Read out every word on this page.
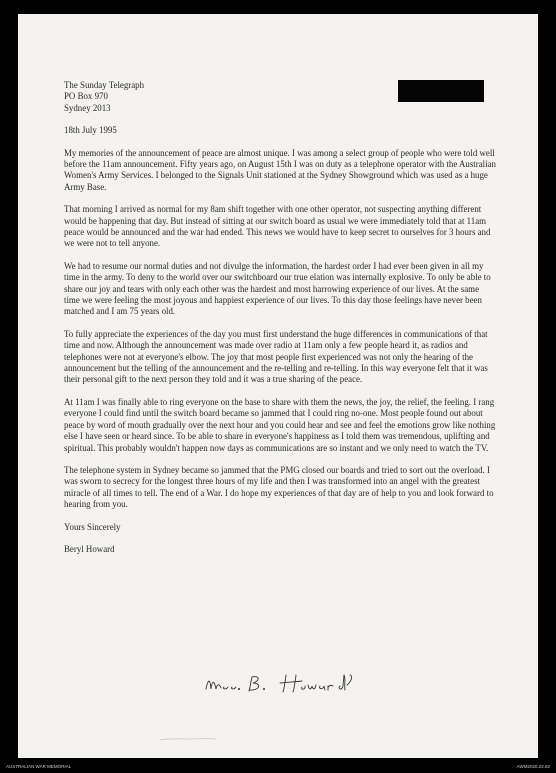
The Sunday Telegraph
PO Box 970
Sydney 2013
18th July 1995
My memories of the announcement of peace are almost unique. I was among a select group of people who were told well before the 11am announcement. Fifty years ago, on August 15th I was on duty as a telephone operator with the Australian Women's Army Services. I belonged to the Signals Unit stationed at the Sydney Showground which was used as a huge Army Base.
That morning I arrived as normal for my 8am shift together with one other operator, not suspecting anything different would be happening that day. But instead of sitting at our switch board as usual we were immediately told that at 11am peace would be announced and the war had ended. This news we would have to keep secret to ourselves for 3 hours and we were not to tell anyone.
We had to resume our normal duties and not divulge the information, the hardest order I had ever been given in all my time in the army. To deny to the world over our switchboard our true elation was internally explosive. To only be able to share our joy and tears with only each other was the hardest and most harrowing experience of our lives. At the same time we were feeling the most joyous and happiest experience of our lives. To this day those feelings have never been matched and I am 75 years old.
To fully appreciate the experiences of the day you must first understand the huge differences in communications of that time and now. Although the announcement was made over radio at 11am only a few people heard it, as radios and telephones were not at everyone's elbow. The joy that most people first experienced was not only the hearing of the announcement but the telling of the announcement and the re-telling and re-telling. In this way everyone felt that it was their personal gift to the next person they told and it was a true sharing of the peace.
At 11am I was finally able to ring everyone on the base to share with them the news, the joy, the relief, the feeling. I rang everyone I could find until the switch board became so jammed that I could ring no-one. Most people found out about peace by word of mouth gradually over the next hour and you could hear and see and feel the emotions grow like nothing else I have seen or heard since. To be able to share in everyone's happiness as I told them was tremendous, uplifting and spiritual. This probably wouldn't happen now days as communications are so instant and we only need to watch the TV.
The telephone system in Sydney became so jammed that the PMG closed our boards and tried to sort out the overload. I was sworn to secrecy for the longest three hours of my life and then I was transformed into an angel with the greatest miracle of all times to tell. The end of a War. I do hope my experiences of that day are of help to you and look forward to hearing from you.
Yours Sincerely
Beryl Howard
AUSTRALIAN WAR MEMORIAL	AWM2020.22.82
